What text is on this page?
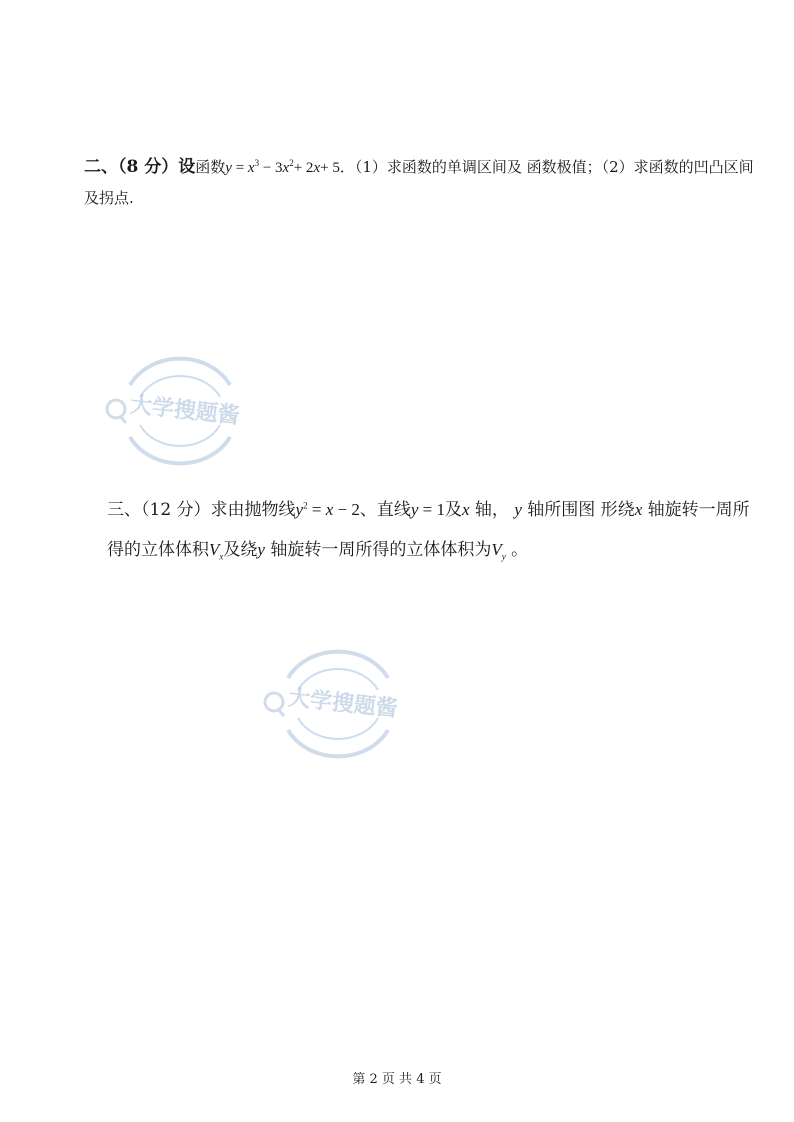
二、（8 分）设函数$y = x^3 - 3x^2+ 2x+ 5$．（1）求函数的单调区间及 函数极值；（2）求函数的凹凸区间及拐点.
大学搜题酱
三、（12 分）求由抛物线$y^2 = x - 2$、直线y = 1及x 轴， y 轴所围图 形绕x 轴旋转一周所得的立体体积$V_x$及绕y 轴旋转一周所得的立体体积为$V_y$ 。
大学搜题酱
第 2 页 共 4 页
